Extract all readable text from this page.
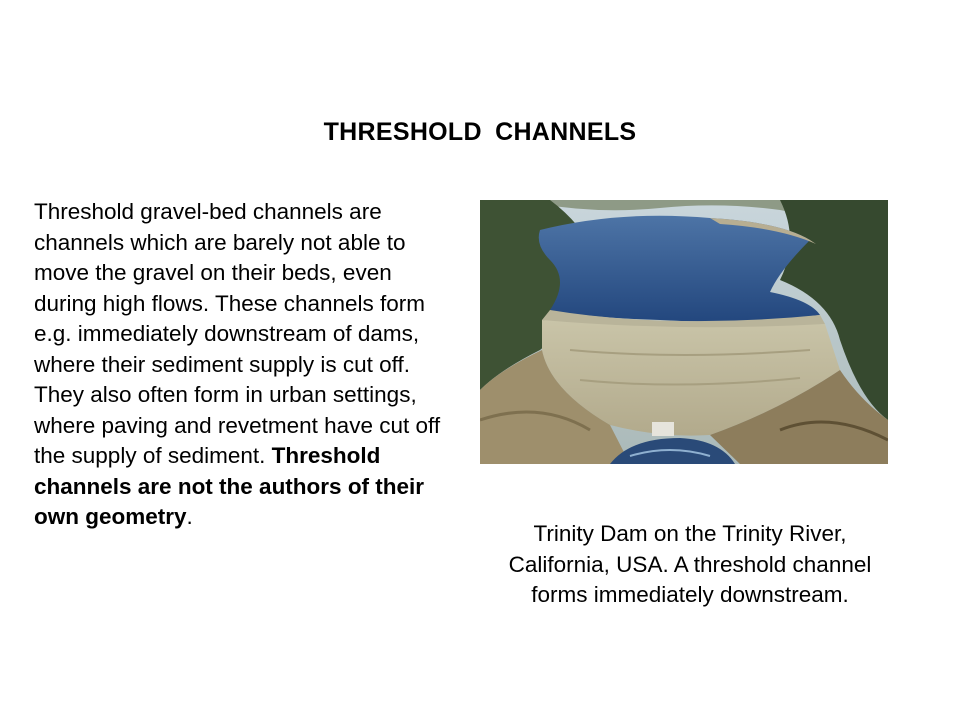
THRESHOLD CHANNELS
Threshold gravel-bed channels are channels which are barely not able to move the gravel on their beds, even during high flows. These channels form e.g. immediately downstream of dams, where their sediment supply is cut off. They also often form in urban settings, where paving and revetment have cut off the supply of sediment. Threshold channels are not the authors of their own geometry.
Trinity Dam on the Trinity River, California, USA. A threshold channel forms immediately downstream.
